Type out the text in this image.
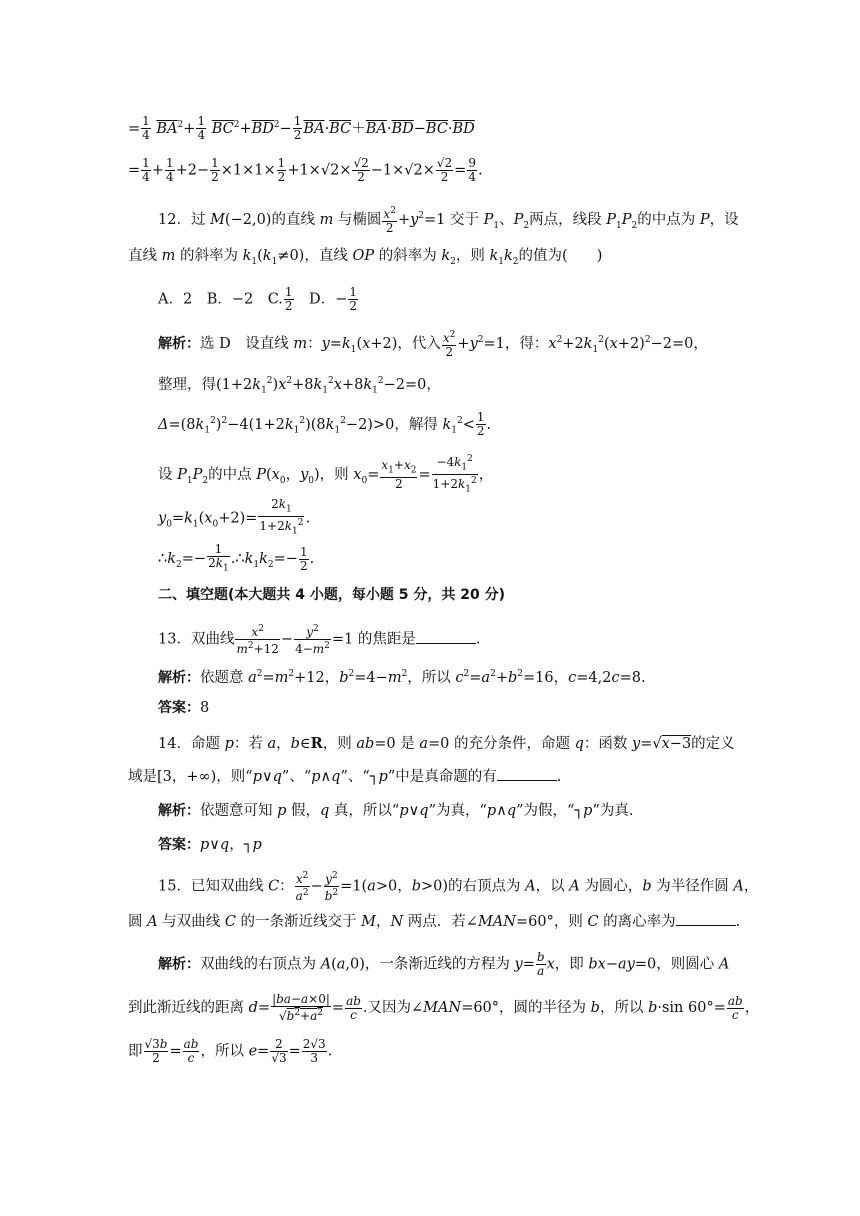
= $\frac{1}{4} \overline{BA}^2+ \frac{1}{4} \overline{BC}^2+\overline{BD}^2- \frac{1}{2} \overline{BA}\cdot\overline{BC}+\overline{BA}\cdot\overline{BD}-\overline{BC}\cdot\overline{BD}$
= $\frac{1}{4} + \frac{1}{4} +2- \frac{1}{2} \times 1\times 1\times \frac{1}{2} +1\times√2\times \frac{√2}{2} -1\times√2\times \frac{√2}{2} = \frac{9}{4}$ .
12．过 M(−2,0)的直线 m 与椭圆 $\frac{x^2}{2} +y^2=1$ 交于 $P_1$、$P_2$两点，线段 $P_1P_2$的中点为 P，设
直线 m 的斜率为 $k_1(k_1\ne 0)$，直线 OP 的斜率为 $k_2$，则 $k_1k_2$的值为(　　)
A．2　B．−2　C. $\frac{1}{2}$ 　D．− $\frac{1}{2}$
解析：选 D　设直线 m：$y=k_1(x+2)$，代入 $\frac{x^2}{2} +y^2=1$，得：$x^2+2k_1^2(x+2)^2-2=0$，
整理，得$(1+2k_1^2)x^2+8k_1^2x+8k_1^2-2=0$，
$\Delta=(8k_1^2)^2-4(1+2k_1^2)(8k_1^2-2)>0$，解得 $k_1^2< \frac{1}{2}$ .
设 $P_1P_2$的中点 $P(x_0$，$y_0$)，则 $x_0= \frac{x_1+x_2}{2} = \frac{-4k_1^2}{1+2k_1^2}$ ，
$y_0=k_1(x_0+2)= \frac{2k_1}{1+2k_1^2}$ .
$\therefore k_2=- \frac{1}{2k_1}$ $.\therefore k_1k_2=- \frac{1}{2}$ .
二、填空题(本大题共 4 小题，每小题 5 分，共 20 分)
13．双曲线 $\frac{x^2}{m^2+12} - \frac{y^2}{4-m^2} =1$ 的焦距是	.
解析：依题意 $a^2=m^2+12$，$b^2=4-m^2$，所以 $c^2=a^2+b^2=16$，c=4,2c=8.
答案：8
14．命题 p：若 a，b∈R，则 ab=0 是 a=0 的充分条件，命题 q：函数 y=√x−3的定义
域是[3，+∞)，则“p∨q”、“p∧q”、“┐p”中是真命题的有	.
解析：依题意可知 p 假，q 真，所以“p∨q”为真，“p∧q”为假，“┐p”为真.
答案：p∨q，┐p
15．已知双曲线 C： $\frac{x^2}{a^2} - \frac{y^2}{b^2} =1(a>0$，b>0)的右顶点为 A，以 A 为圆心，b 为半径作圆 A，
圆 A 与双曲线 C 的一条渐近线交于 M，N 两点．若∠MAN=60°，则 C 的离心率为	.
解析：双曲线的右顶点为 A(a,0)，一条渐近线的方程为 $y= \frac{b}{a}$ x，即 bx−ay=0，则圆心 A
到此渐近线的距离 $d= \frac{|ba-a\times 0|}{√b^2+a^2} = \frac{ab}{c}$ .又因为∠MAN=60°，圆的半径为 b，所以 b·sin $60^\circ= \frac{ab}{c}$ ，
即 $\frac{√3b}{2} = \frac{ab}{c}$ ，所以 $e= \frac{2}{√3} = \frac{2√3}{3}$ .
